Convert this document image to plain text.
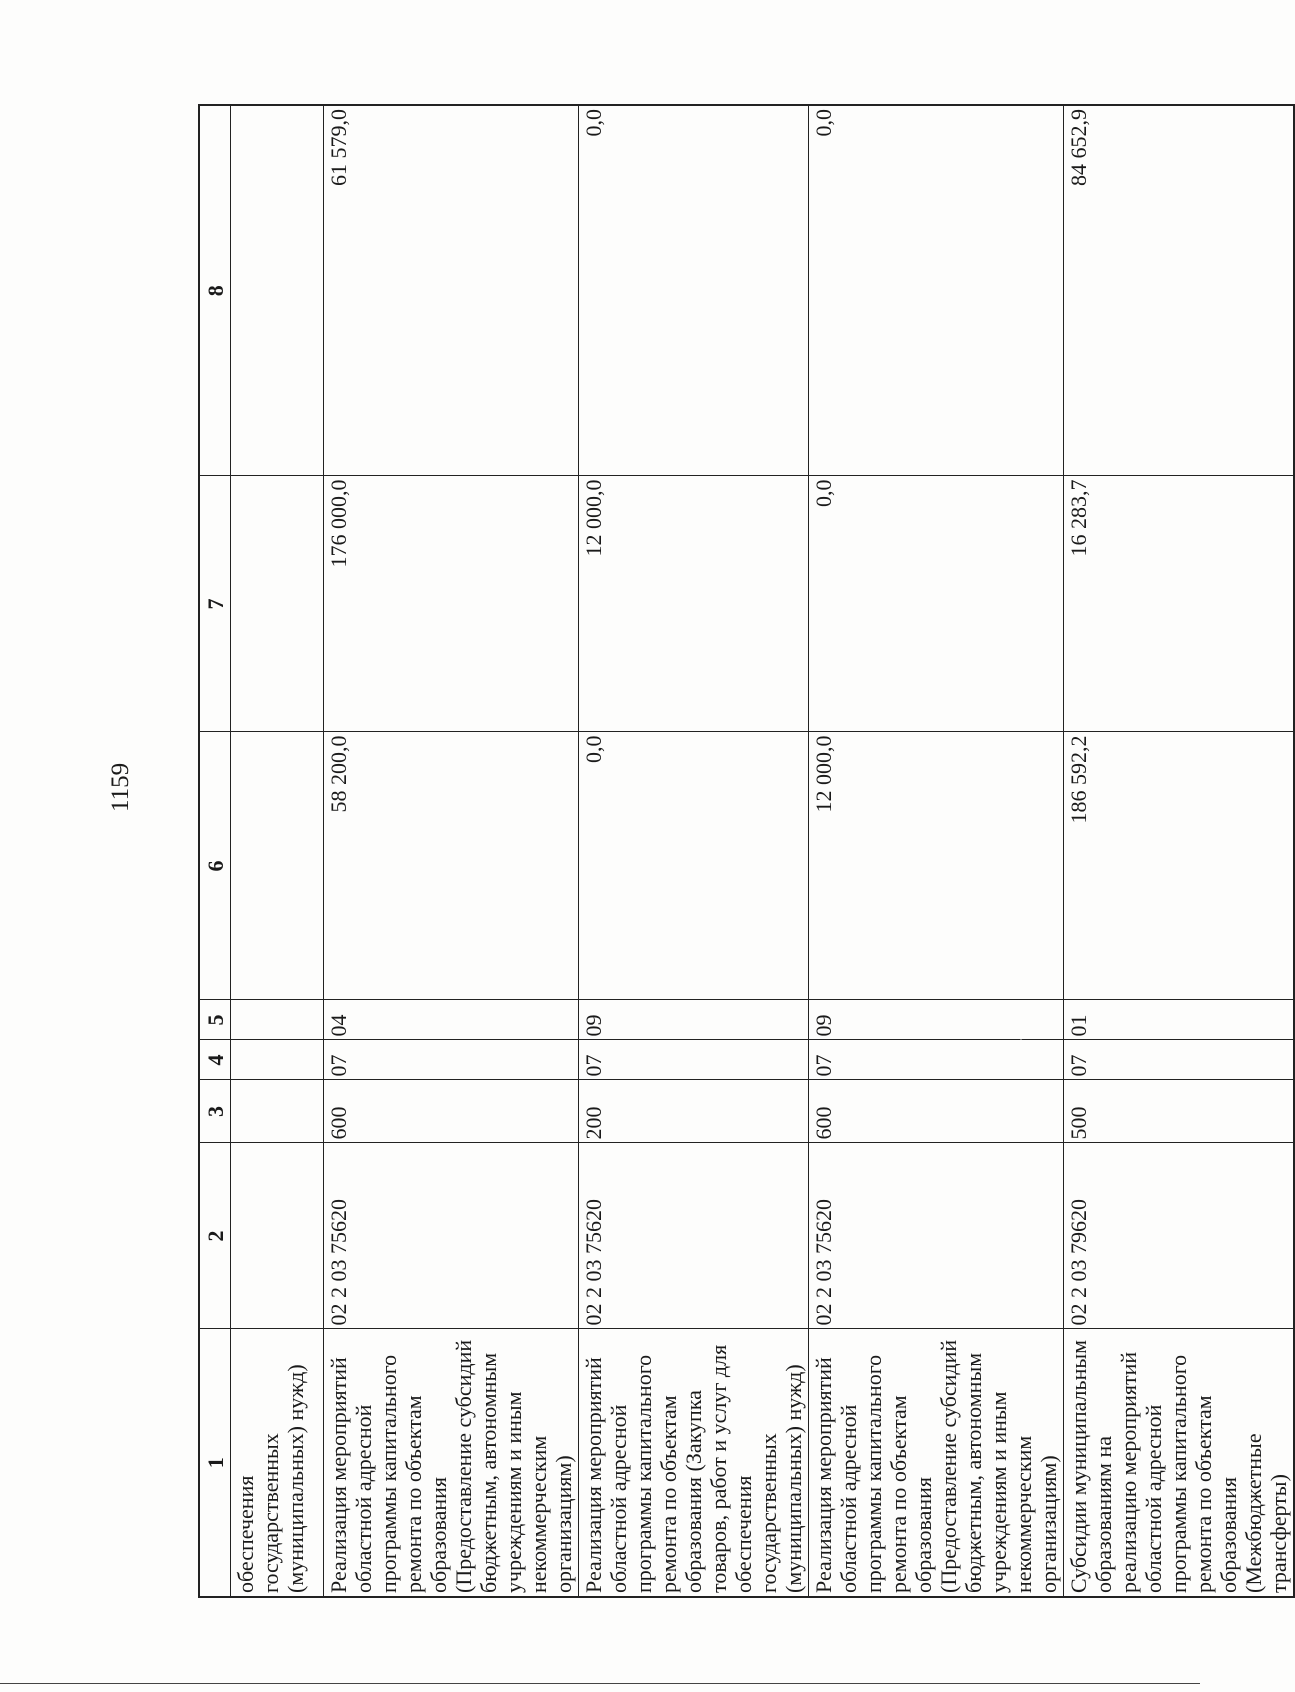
1159
1	2	3	4	5	6	7	8
обеспечения государственных (муниципальных) нужд)							
Реализация мероприятий областной адресной программы капитального ремонта по объектам образования (Предоставление субсидий бюджетным, автономным учреждениям и иным некоммерческим организациям)	02 2 03 75620	600	07	04	58 200,0	176 000,0	61 579,0
Реализация мероприятий областной адресной программы капитального ремонта по объектам образования (Закупка товаров, работ и услуг для обеспечения государственных (муниципальных) нужд)	02 2 03 75620	200	07	09	0,0	12 000,0	0,0
Реализация мероприятий областной адресной программы капитального ремонта по объектам образования (Предоставление субсидий бюджетным, автономным учреждениям и иным некоммерческим организациям)	02 2 03 75620	600	07	09	12 000,0	0,0	0,0
Субсидии муниципальным образованиям на реализацию мероприятий областной адресной программы капитального ремонта по объектам образования (Межбюджетные трансферты)	02 2 03 79620	500	07	01	186 592,2	16 283,7	84 652,9
